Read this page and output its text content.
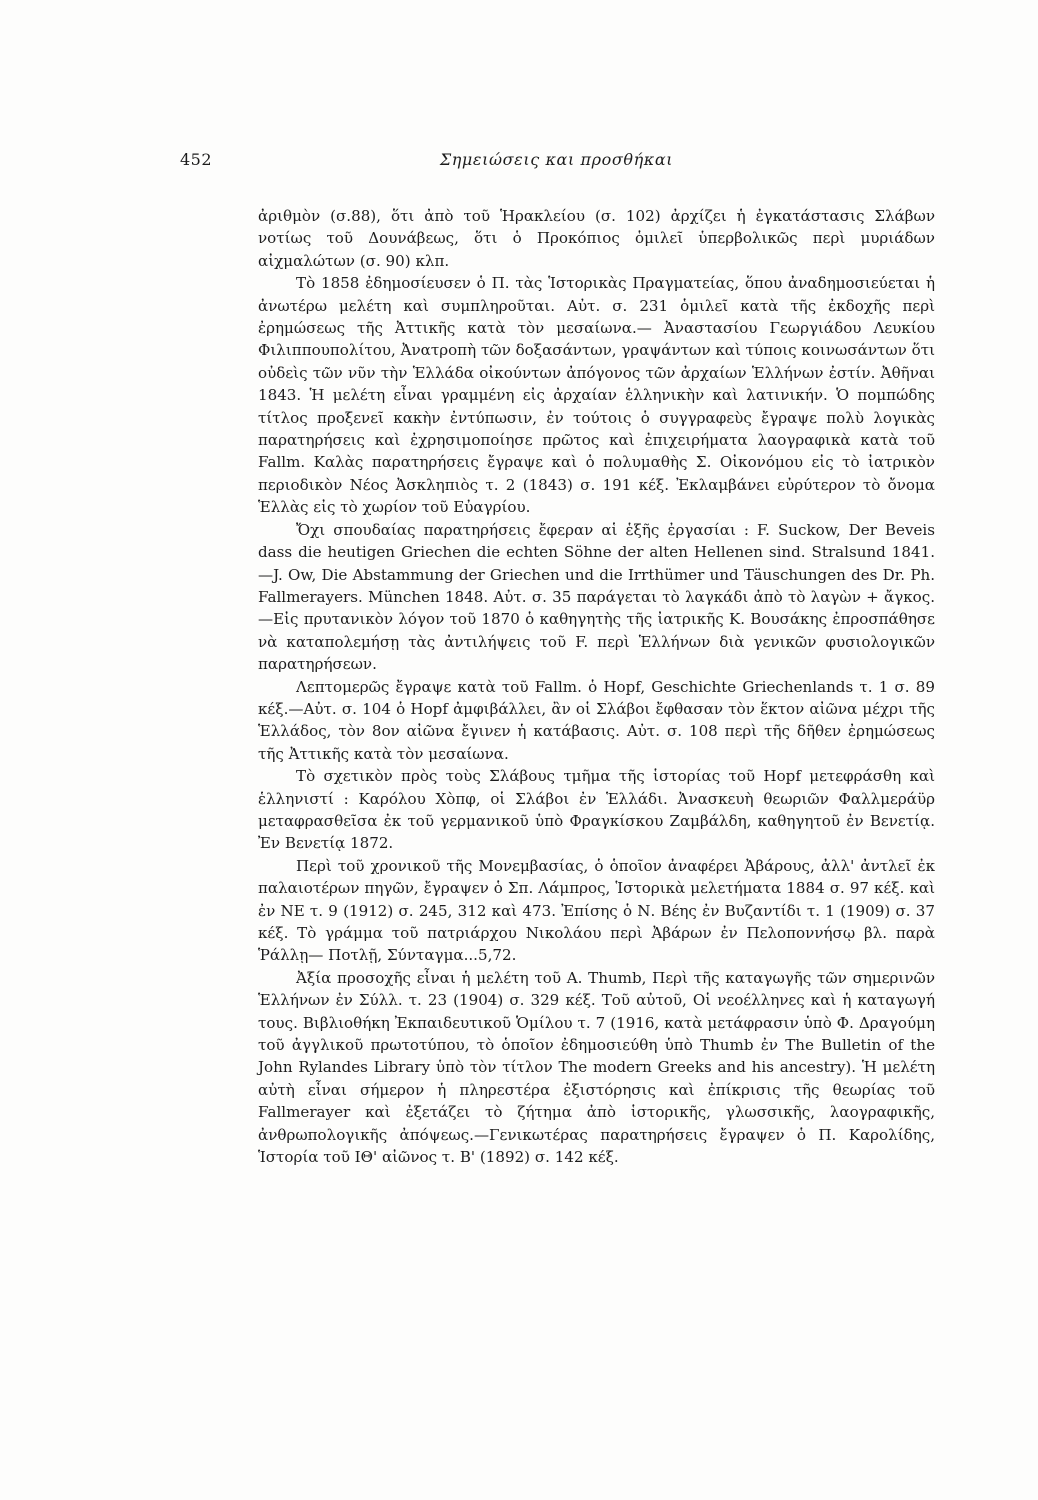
452	Σημειώσεις και προσθήκαι

ἀριθμὸν (σ.88), ὅτι ἀπὸ τοῦ Ἡρακλείου (σ. 102) ἀρχίζει ἡ ἐγκατάστασις Σλάβων νοτίως τοῦ Δουνάβεως, ὅτι ὁ Προκόπιος ὁμιλεῖ ὑπερβολικῶς περὶ μυριάδων αἰχμαλώτων (σ. 90) κλπ.

Τὸ 1858 ἐδημοσίευσεν ὁ Π. τὰς Ἱστορικὰς Πραγματείας, ὅπου ἀναδημοσιεύεται ἡ ἀνωτέρω μελέτη καὶ συμπληροῦται. Αὐτ. σ. 231 ὁμιλεῖ κατὰ τῆς ἐκδοχῆς περὶ ἐρημώσεως τῆς Ἀττικῆς κατὰ τὸν μεσαίωνα.— Ἀναστασίου Γεωργιάδου Λευκίου Φιλιππουπολίτου, Ἀνατροπὴ τῶν δοξασάντων, γραψάντων καὶ τύποις κοινωσάντων ὅτι οὐδεὶς τῶν νῦν τὴν Ἑλλάδα οἰκούντων ἀπόγονος τῶν ἀρχαίων Ἑλλήνων ἐστίν. Ἀθῆναι 1843. Ἡ μελέτη εἶναι γραμμένη εἰς ἀρχαίαν ἑλληνικὴν καὶ λατινικήν. Ὁ πομπώδης τίτλος προξενεῖ κακὴν ἐντύπωσιν, ἐν τούτοις ὁ συγγραφεὺς ἔγραψε πολὺ λογικὰς παρατηρήσεις καὶ ἐχρησιμοποίησε πρῶτος καὶ ἐπιχειρήματα λαογραφικὰ κατὰ τοῦ Fallm. Καλὰς παρατηρήσεις ἔγραψε καὶ ὁ πολυμαθὴς Σ. Οἰκονόμου εἰς τὸ ἰατρικὸν περιοδικὸν Νέος Ἀσκληπιὸς τ. 2 (1843) σ. 191 κέξ. Ἐκλαμβάνει εὐρύτερον τὸ ὄνομα Ἑλλὰς εἰς τὸ χωρίον τοῦ Εὐαγρίου.

Ὄχι σπουδαίας παρατηρήσεις ἔφεραν αἱ ἑξῆς ἐργασίαι : F. Suckow, Der Beveis dass die heutigen Griechen die echten Söhne der alten Hellenen sind. Stralsund 1841.—J. Ow, Die Abstammung der Griechen und die Irrthümer und Täuschungen des Dr. Ph. Fallmerayers. München 1848. Αὐτ. σ. 35 παράγεται τὸ λαγκάδι ἀπὸ τὸ λαγὼν + ἄγκος.—Εἰς πρυτανικὸν λόγον τοῦ 1870 ὁ καθηγητὴς τῆς ἰατρικῆς Κ. Βουσάκης ἐπροσπάθησε νὰ καταπολεμήσῃ τὰς ἀντιλήψεις τοῦ F. περὶ Ἑλλήνων διὰ γενικῶν φυσιολογικῶν παρατηρήσεων.

Λεπτομερῶς ἔγραψε κατὰ τοῦ Fallm. ὁ Hopf, Geschichte Griechenlands τ. 1 σ. 89 κέξ.—Αὐτ. σ. 104 ὁ Hopf ἀμφιβάλλει, ἂν οἱ Σλάβοι ἔφθασαν τὸν ἕκτον αἰῶνα μέχρι τῆς Ἑλλάδος, τὸν 8ον αἰῶνα ἔγινεν ἡ κατάβασις. Αὐτ. σ. 108 περὶ τῆς δῆθεν ἐρημώσεως τῆς Ἀττικῆς κατὰ τὸν μεσαίωνα.

Τὸ σχετικὸν πρὸς τοὺς Σλάβους τμῆμα τῆς ἱστορίας τοῦ Hopf μετεφράσθη καὶ ἑλληνιστί : Καρόλου Χὸπφ, οἱ Σλάβοι ἐν Ἑλλάδι. Ἀνασκευὴ θεωριῶν Φαλλμεράϋρ μεταφρασθεῖσα ἐκ τοῦ γερμανικοῦ ὑπὸ Φραγκίσκου Ζαμβάλδη, καθηγητοῦ ἐν Βενετίᾳ. Ἐν Βενετίᾳ 1872.

Περὶ τοῦ χρονικοῦ τῆς Μονεμβασίας, ὁ ὁποῖον ἀναφέρει Ἀβάρους, ἀλλ' ἀντλεῖ ἐκ παλαιοτέρων πηγῶν, ἔγραψεν ὁ Σπ. Λάμπρος, Ἱστορικὰ μελετήματα 1884 σ. 97 κέξ. καὶ ἐν ΝΕ τ. 9 (1912) σ. 245, 312 καὶ 473. Ἐπίσης ὁ Ν. Βέης ἐν Βυζαντίδι τ. 1 (1909) σ. 37 κέξ. Τὸ γράμμα τοῦ πατριάρχου Νικολάου περὶ Ἀβάρων ἐν Πελοποννήσῳ βλ. παρὰ Ῥάλλῃ— Ποτλῇ, Σύνταγμα...5,72.

Ἀξία προσοχῆς εἶναι ἡ μελέτη τοῦ A. Thumb, Περὶ τῆς καταγωγῆς τῶν σημερινῶν Ἑλλήνων ἐν Σύλλ. τ. 23 (1904) σ. 329 κέξ. Τοῦ αὐτοῦ, Οἱ νεοέλληνες καὶ ἡ καταγωγή τους. Βιβλιοθήκη Ἐκπαιδευτικοῦ Ὁμίλου τ. 7 (1916, κατὰ μετάφρασιν ὑπὸ Φ. Δραγούμη τοῦ ἀγγλικοῦ πρωτοτύπου, τὸ ὁποῖον ἐδημοσιεύθη ὑπὸ Thumb ἐν The Bulletin of the John Rylandes Library ὑπὸ τὸν τίτλον The modern Greeks and his ancestry). Ἡ μελέτη αὐτὴ εἶναι σήμερον ἡ πληρεστέρα ἐξιστόρησις καὶ ἐπίκρισις τῆς θεωρίας τοῦ Fallmerayer καὶ ἐξετάζει τὸ ζήτημα ἀπὸ ἱστορικῆς, γλωσσικῆς, λαογραφικῆς, ἀνθρωπολογικῆς ἀπόψεως.—Γενικωτέρας παρατηρήσεις ἔγραψεν ὁ Π. Καρολίδης, Ἱστορία τοῦ ΙΘ' αἰῶνος τ. Β' (1892) σ. 142 κέξ.
